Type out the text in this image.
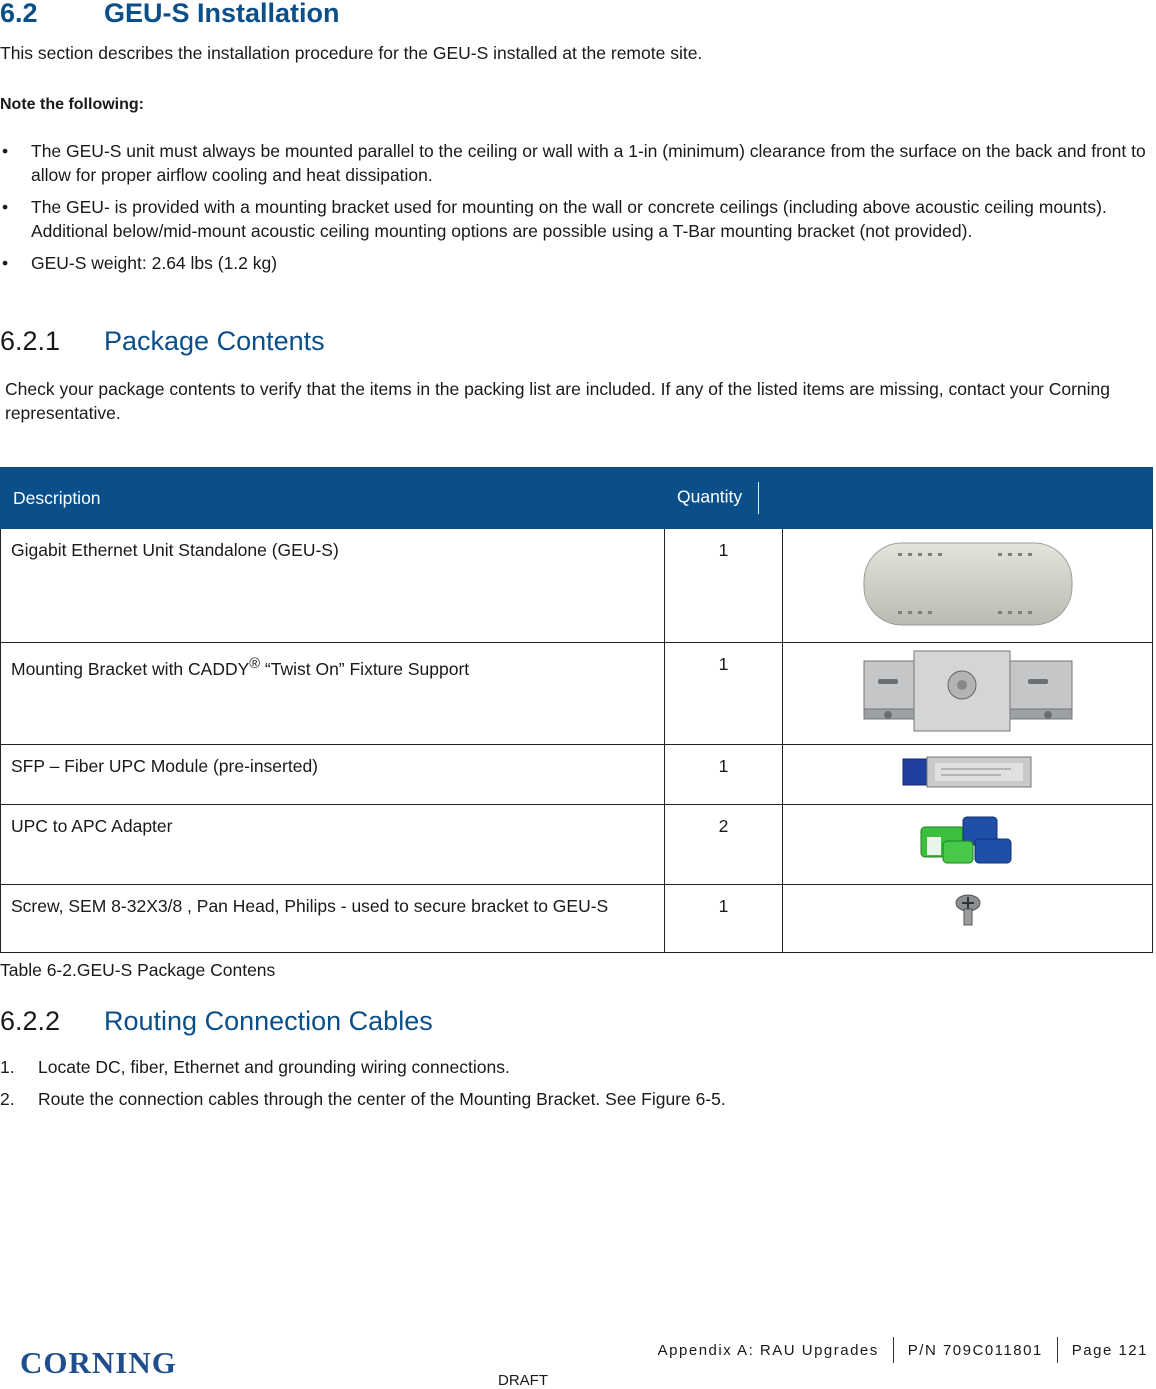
6.2	GEU-S Installation

This section describes the installation procedure for the GEU-S installed at the remote site.

Note the following:

• The GEU-S unit must always be mounted parallel to the ceiling or wall with a 1-in (minimum) clearance from the surface on the back and front to allow for proper airflow cooling and heat dissipation.
• The GEU- is provided with a mounting bracket used for mounting on the wall or concrete ceilings (including above acoustic ceiling mounts). Additional below/mid-mount acoustic ceiling mounting options are possible using a T-Bar mounting bracket (not provided).
• GEU-S weight: 2.64 lbs (1.2 kg)
6.2.1	Package Contents

Check your package contents to verify that the items in the packing list are included. If any of the listed items are missing, contact your Corning representative.

Description	Quantity	
Gigabit Ethernet Unit Standalone (GEU-S)	1	
Mounting Bracket with CADDY® “Twist On” Fixture Support	1	
SFP – Fiber UPC Module (pre-inserted)	1	
UPC to APC Adapter	2	
Screw, SEM 8-32X3/8 , Pan Head, Philips - used to secure bracket to GEU-S	1	

Table 6-2.GEU-S Package Contens

6.2.2	Routing Connection Cables
1.	Locate DC, fiber, Ethernet and grounding wiring connections.
2.	Route the connection cables through the center of the Mounting Bracket. See Figure 6-5.
Appendix A: RAU Upgrades P/N 709C011801 Page 121
CORNING
DRAFT
